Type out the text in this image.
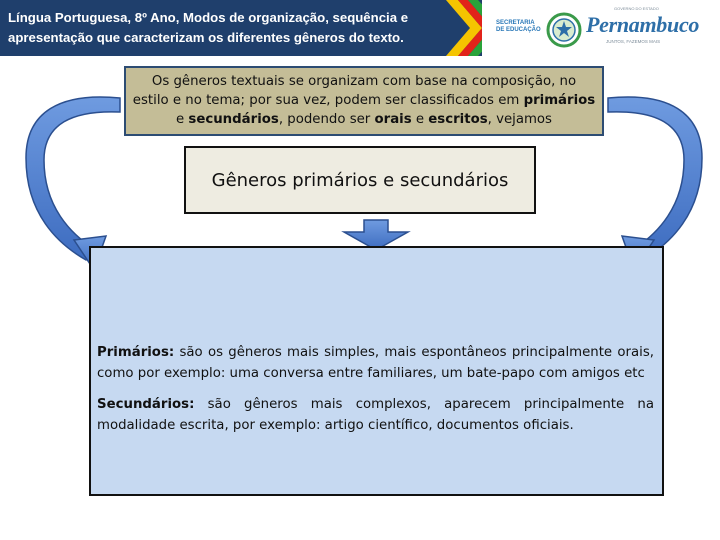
Língua Portuguesa, 8º Ano, Modos de organização, sequência e apresentação que caracterizam os diferentes gêneros do texto.
SECRETARIA DE EDUCAÇÃO
GOVERNO DO ESTADO
Pernambuco
JUNTOS, FAZEMOS MAIS
Os gêneros textuais se organizam com base na composição, no estilo e no tema; por sua vez, podem ser classificados em primários e secundários, podendo ser orais e escritos, vejamos
Gêneros primários e secundários

Primários: são os gêneros mais simples, mais espontâneos principalmente orais, como por exemplo: uma conversa entre familiares, um bate-papo com amigos etc

Secundários: são gêneros mais complexos, aparecem principalmente na modalidade escrita, por exemplo: artigo científico, documentos oficiais.
